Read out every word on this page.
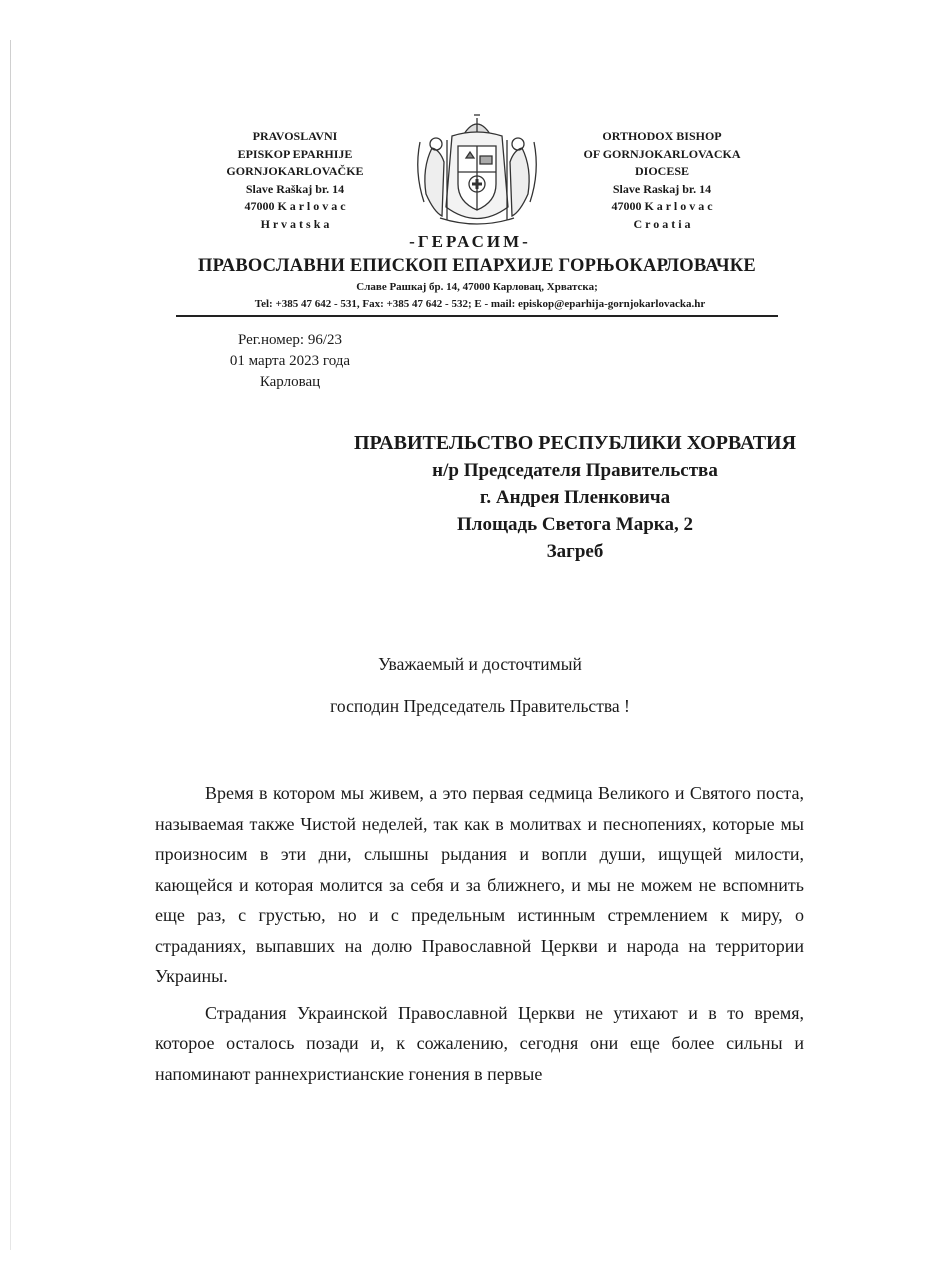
PRAVOSLAVNI
EPISKOP EPARHIJE
GORNJOKARLOVAČKE
Slave Raškaj br. 14
47000 K a r l o v a c
H r v a t s k a
ORTHODOX BISHOP
OF GORNJOKARLOVACKA
DIOCESE
Slave Raskaj br. 14
47000 K a r l o v a c
C r o a t i a
-ГЕРАСИМ-
ПРАВОСЛАВНИ ЕПИСКОП ЕПАРХИЈЕ ГОРЊОКАРЛОВАЧКЕ
Славе Рашкај бр. 14, 47000 Карловац, Хрватска;
Tel: +385 47 642 - 531, Fax: +385 47 642 - 532; E - mail: episkop@eparhija-gornjokarlovacka.hr
Рег.номер: 96/23
01 марта 2023 года
Карловац
ПРАВИТЕЛЬСТВО РЕСПУБЛИКИ ХОРВАТИЯ
н/р Председателя Правительства
г. Андрея Пленковича
Площадь Светога Марка, 2
Загреб
Уважаемый и досточтимый
господин Председатель Правительства !

Время в котором мы живем, а это первая седмица Великого и Святого поста, называемая также Чистой неделей, так как в молитвах и песнопениях, которые мы произносим в эти дни, слышны рыдания и вопли души, ищущей милости, кающейся и которая молится за себя и за ближнего, и мы не можем не вспомнить еще раз, с грустью, но и с предельным истинным стремлением к миру, о страданиях, выпавших на долю Православной Церкви и народа на территории Украины.

Страдания Украинской Православной Церкви не утихают и в то время, которое осталось позади и, к сожалению, сегодня они еще более сильны и напоминают раннехристианские гонения в первые
